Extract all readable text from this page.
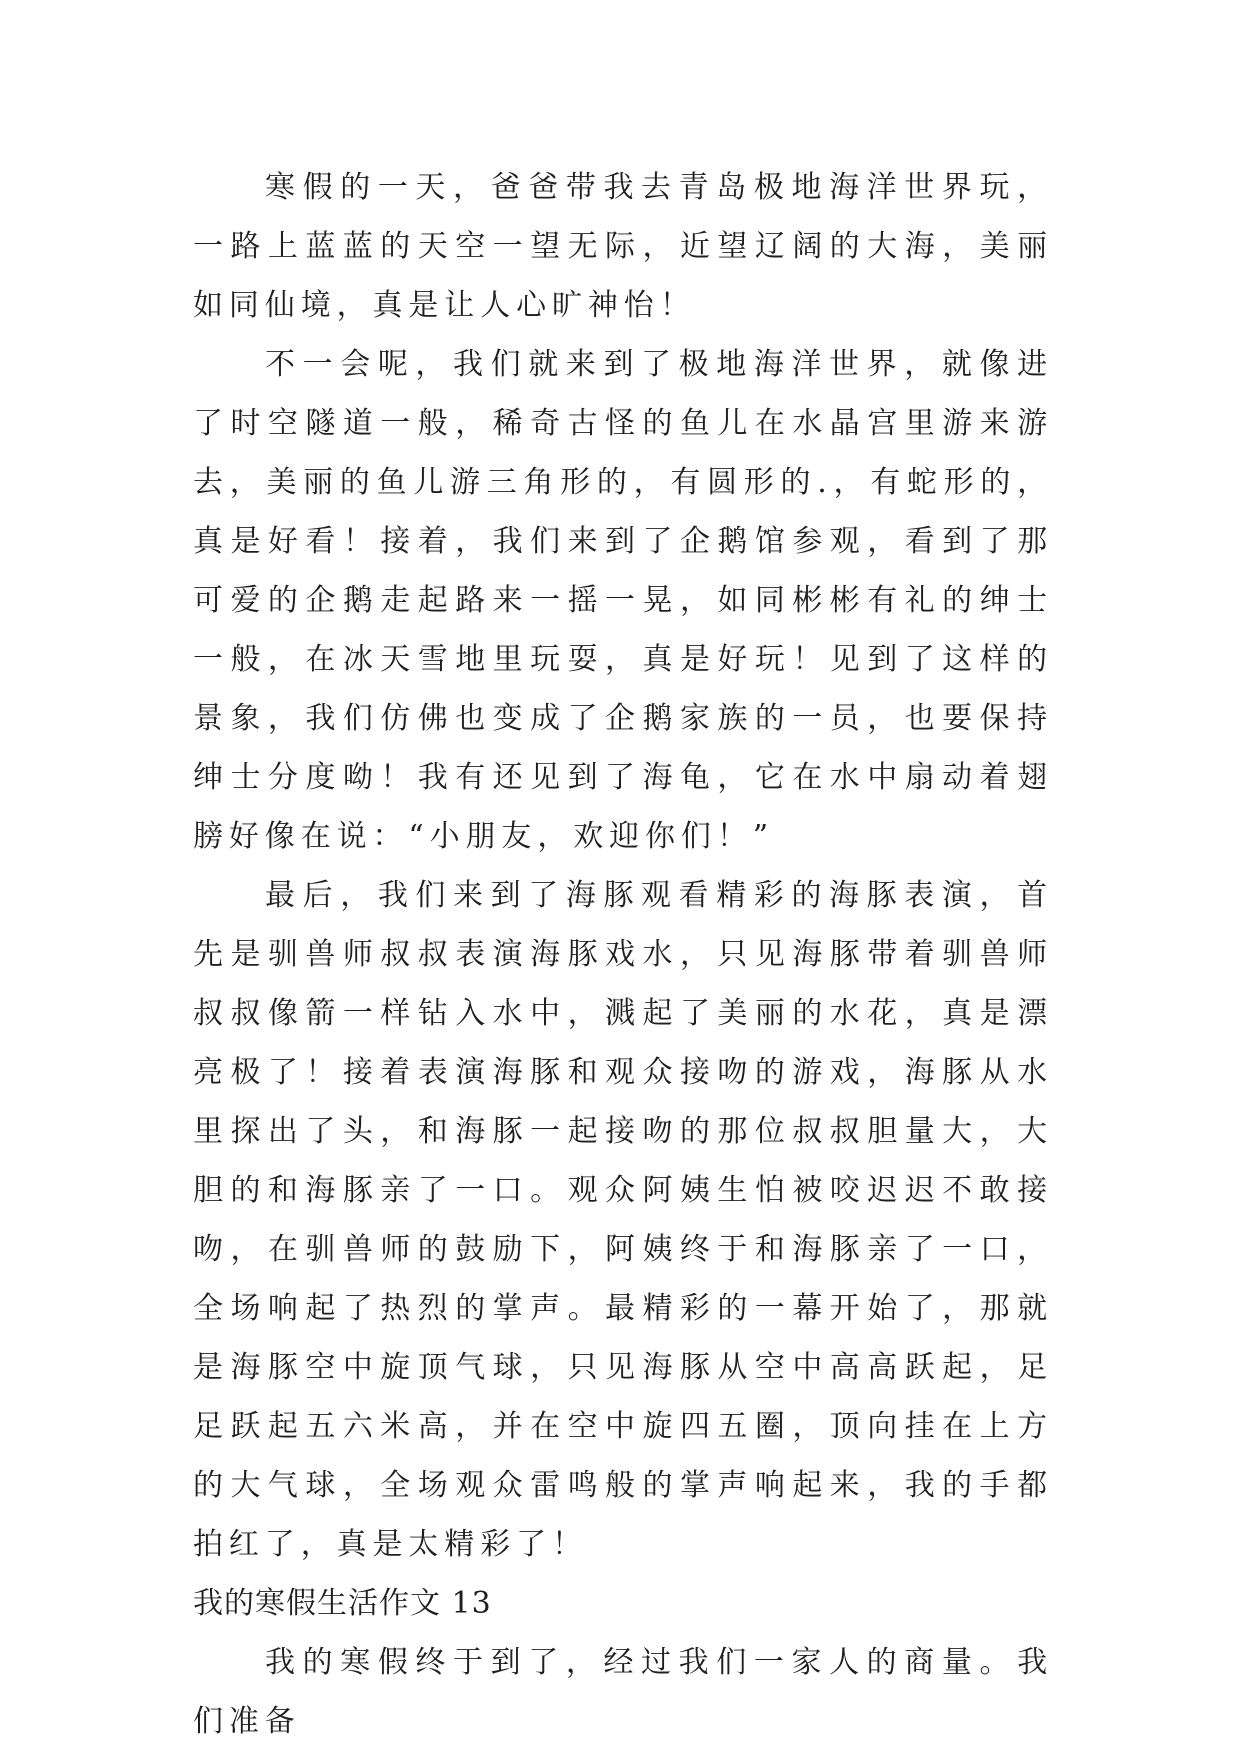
寒假的一天，爸爸带我去青岛极地海洋世界玩，一路上蓝蓝的天空一望无际，近望辽阔的大海，美丽如同仙境，真是让人心旷神怡！

不一会呢，我们就来到了极地海洋世界，就像进了时空隧道一般，稀奇古怪的鱼儿在水晶宫里游来游去，美丽的鱼儿游三角形的，有圆形的.，有蛇形的，真是好看！接着，我们来到了企鹅馆参观，看到了那可爱的企鹅走起路来一摇一晃，如同彬彬有礼的绅士一般，在冰天雪地里玩耍，真是好玩！见到了这样的景象，我们仿佛也变成了企鹅家族的一员，也要保持绅士分度呦！我有还见到了海龟，它在水中扇动着翅膀好像在说：“小朋友，欢迎你们！”

最后，我们来到了海豚观看精彩的海豚表演，首先是驯兽师叔叔表演海豚戏水，只见海豚带着驯兽师叔叔像箭一样钻入水中，溅起了美丽的水花，真是漂亮极了！接着表演海豚和观众接吻的游戏，海豚从水里探出了头，和海豚一起接吻的那位叔叔胆量大，大胆的和海豚亲了一口。观众阿姨生怕被咬迟迟不敢接吻，在驯兽师的鼓励下，阿姨终于和海豚亲了一口，全场响起了热烈的掌声。最精彩的一幕开始了，那就是海豚空中旋顶气球，只见海豚从空中高高跃起，足足跃起五六米高，并在空中旋四五圈，顶向挂在上方的大气球，全场观众雷鸣般的掌声响起来，我的手都拍红了，真是太精彩了！

我的寒假生活作文 13

我的寒假终于到了，经过我们一家人的商量。我们准备
